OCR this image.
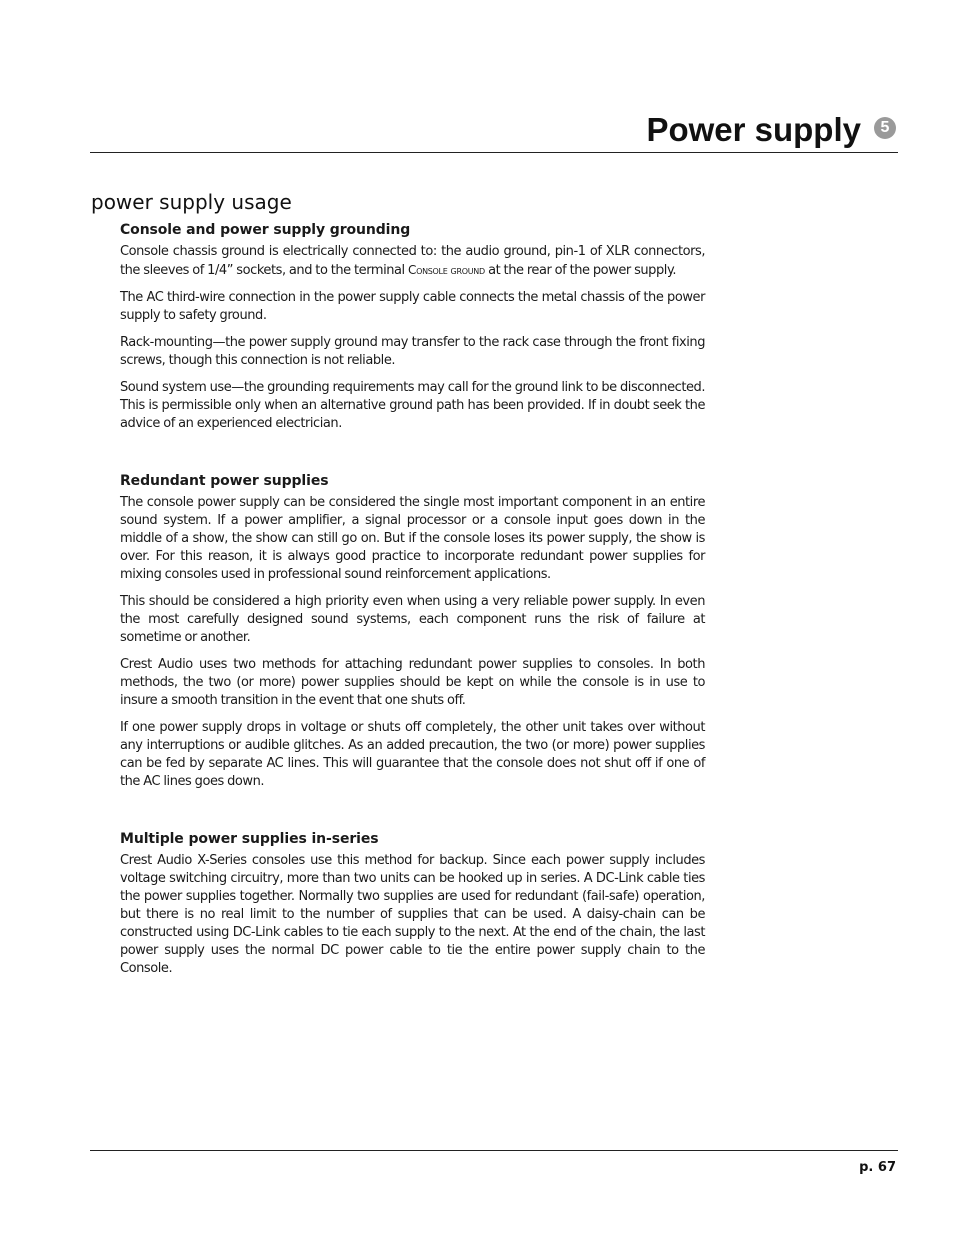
Power supply	5
power supply usage
Console and power supply grounding

Console chassis ground is electrically connected to: the audio ground, pin-1 of XLR connectors, the sleeves of 1/4” sockets, and to the terminal Console ground at the rear of the power supply.

The AC third-wire connection in the power supply cable connects the metal chassis of the power supply to safety ground.

Rack-mounting—the power supply ground may transfer to the rack case through the front fixing screws, though this connection is not reliable.

Sound system use—the grounding requirements may call for the ground link to be disconnected. This is permissible only when an alternative ground path has been provided. If in doubt seek the advice of an experienced electrician.

Redundant power supplies

The console power supply can be considered the single most important component in an entire sound system. If a power amplifier, a signal processor or a console input goes down in the middle of a show, the show can still go on. But if the console loses its power supply, the show is over. For this reason, it is always good practice to incorporate redundant power supplies for mixing consoles used in professional sound reinforcement applications.

This should be considered a high priority even when using a very reliable power supply. In even the most carefully designed sound systems, each component runs the risk of failure at sometime or another.

Crest Audio uses two methods for attaching redundant power supplies to consoles. In both methods, the two (or more) power supplies should be kept on while the console is in use to insure a smooth transition in the event that one shuts off.

If one power supply drops in voltage or shuts off completely, the other unit takes over without any interruptions or audible glitches. As an added precaution, the two (or more) power supplies can be fed by separate AC lines. This will guarantee that the console does not shut off if one of the AC lines goes down.

Multiple power supplies in-series

Crest Audio X-Series consoles use this method for backup. Since each power supply includes voltage switching circuitry, more than two units can be hooked up in series. A DC-Link cable ties the power supplies together. Normally two supplies are used for redundant (fail-safe) operation, but there is no real limit to the number of supplies that can be used. A daisy-chain can be constructed using DC-Link cables to tie each supply to the next. At the end of the chain, the last power supply uses the normal DC power cable to tie the entire power supply chain to the Console.

p. 67
